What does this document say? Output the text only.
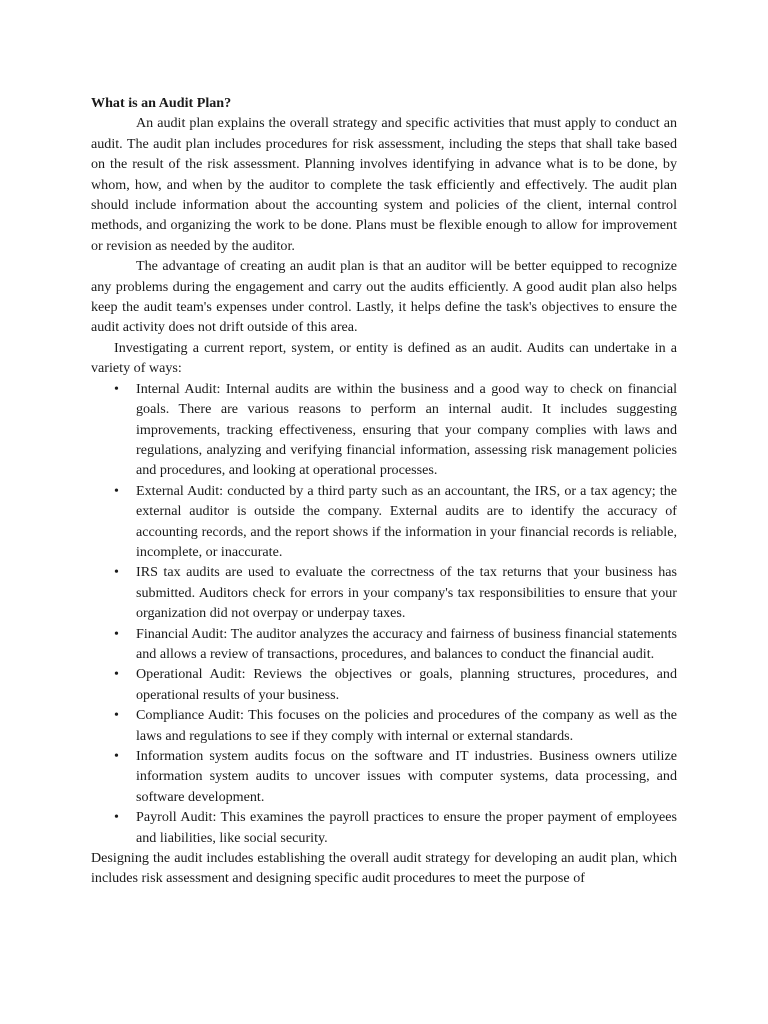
What is an Audit Plan?

An audit plan explains the overall strategy and specific activities that must apply to conduct an audit. The audit plan includes procedures for risk assessment, including the steps that shall take based on the result of the risk assessment. Planning involves identifying in advance what is to be done, by whom, how, and when by the auditor to complete the task efficiently and effectively. The audit plan should include information about the accounting system and policies of the client, internal control methods, and organizing the work to be done. Plans must be flexible enough to allow for improvement or revision as needed by the auditor.

The advantage of creating an audit plan is that an auditor will be better equipped to recognize any problems during the engagement and carry out the audits efficiently. A good audit plan also helps keep the audit team's expenses under control. Lastly, it helps define the task's objectives to ensure the audit activity does not drift outside of this area.

Investigating a current report, system, or entity is defined as an audit. Audits can undertake in a variety of ways:

• Internal Audit: Internal audits are within the business and a good way to check on financial goals. There are various reasons to perform an internal audit. It includes suggesting improvements, tracking effectiveness, ensuring that your company complies with laws and regulations, analyzing and verifying financial information, assessing risk management policies and procedures, and looking at operational processes.
• External Audit: conducted by a third party such as an accountant, the IRS, or a tax agency; the external auditor is outside the company. External audits are to identify the accuracy of accounting records, and the report shows if the information in your financial records is reliable, incomplete, or inaccurate.
• IRS tax audits are used to evaluate the correctness of the tax returns that your business has submitted. Auditors check for errors in your company's tax responsibilities to ensure that your organization did not overpay or underpay taxes.
• Financial Audit: The auditor analyzes the accuracy and fairness of business financial statements and allows a review of transactions, procedures, and balances to conduct the financial audit.
• Operational Audit: Reviews the objectives or goals, planning structures, procedures, and operational results of your business.
• Compliance Audit: This focuses on the policies and procedures of the company as well as the laws and regulations to see if they comply with internal or external standards.
• Information system audits focus on the software and IT industries. Business owners utilize information system audits to uncover issues with computer systems, data processing, and software development.
• Payroll Audit: This examines the payroll practices to ensure the proper payment of employees and liabilities, like social security.

Designing the audit includes establishing the overall audit strategy for developing an audit plan, which includes risk assessment and designing specific audit procedures to meet the purpose of
